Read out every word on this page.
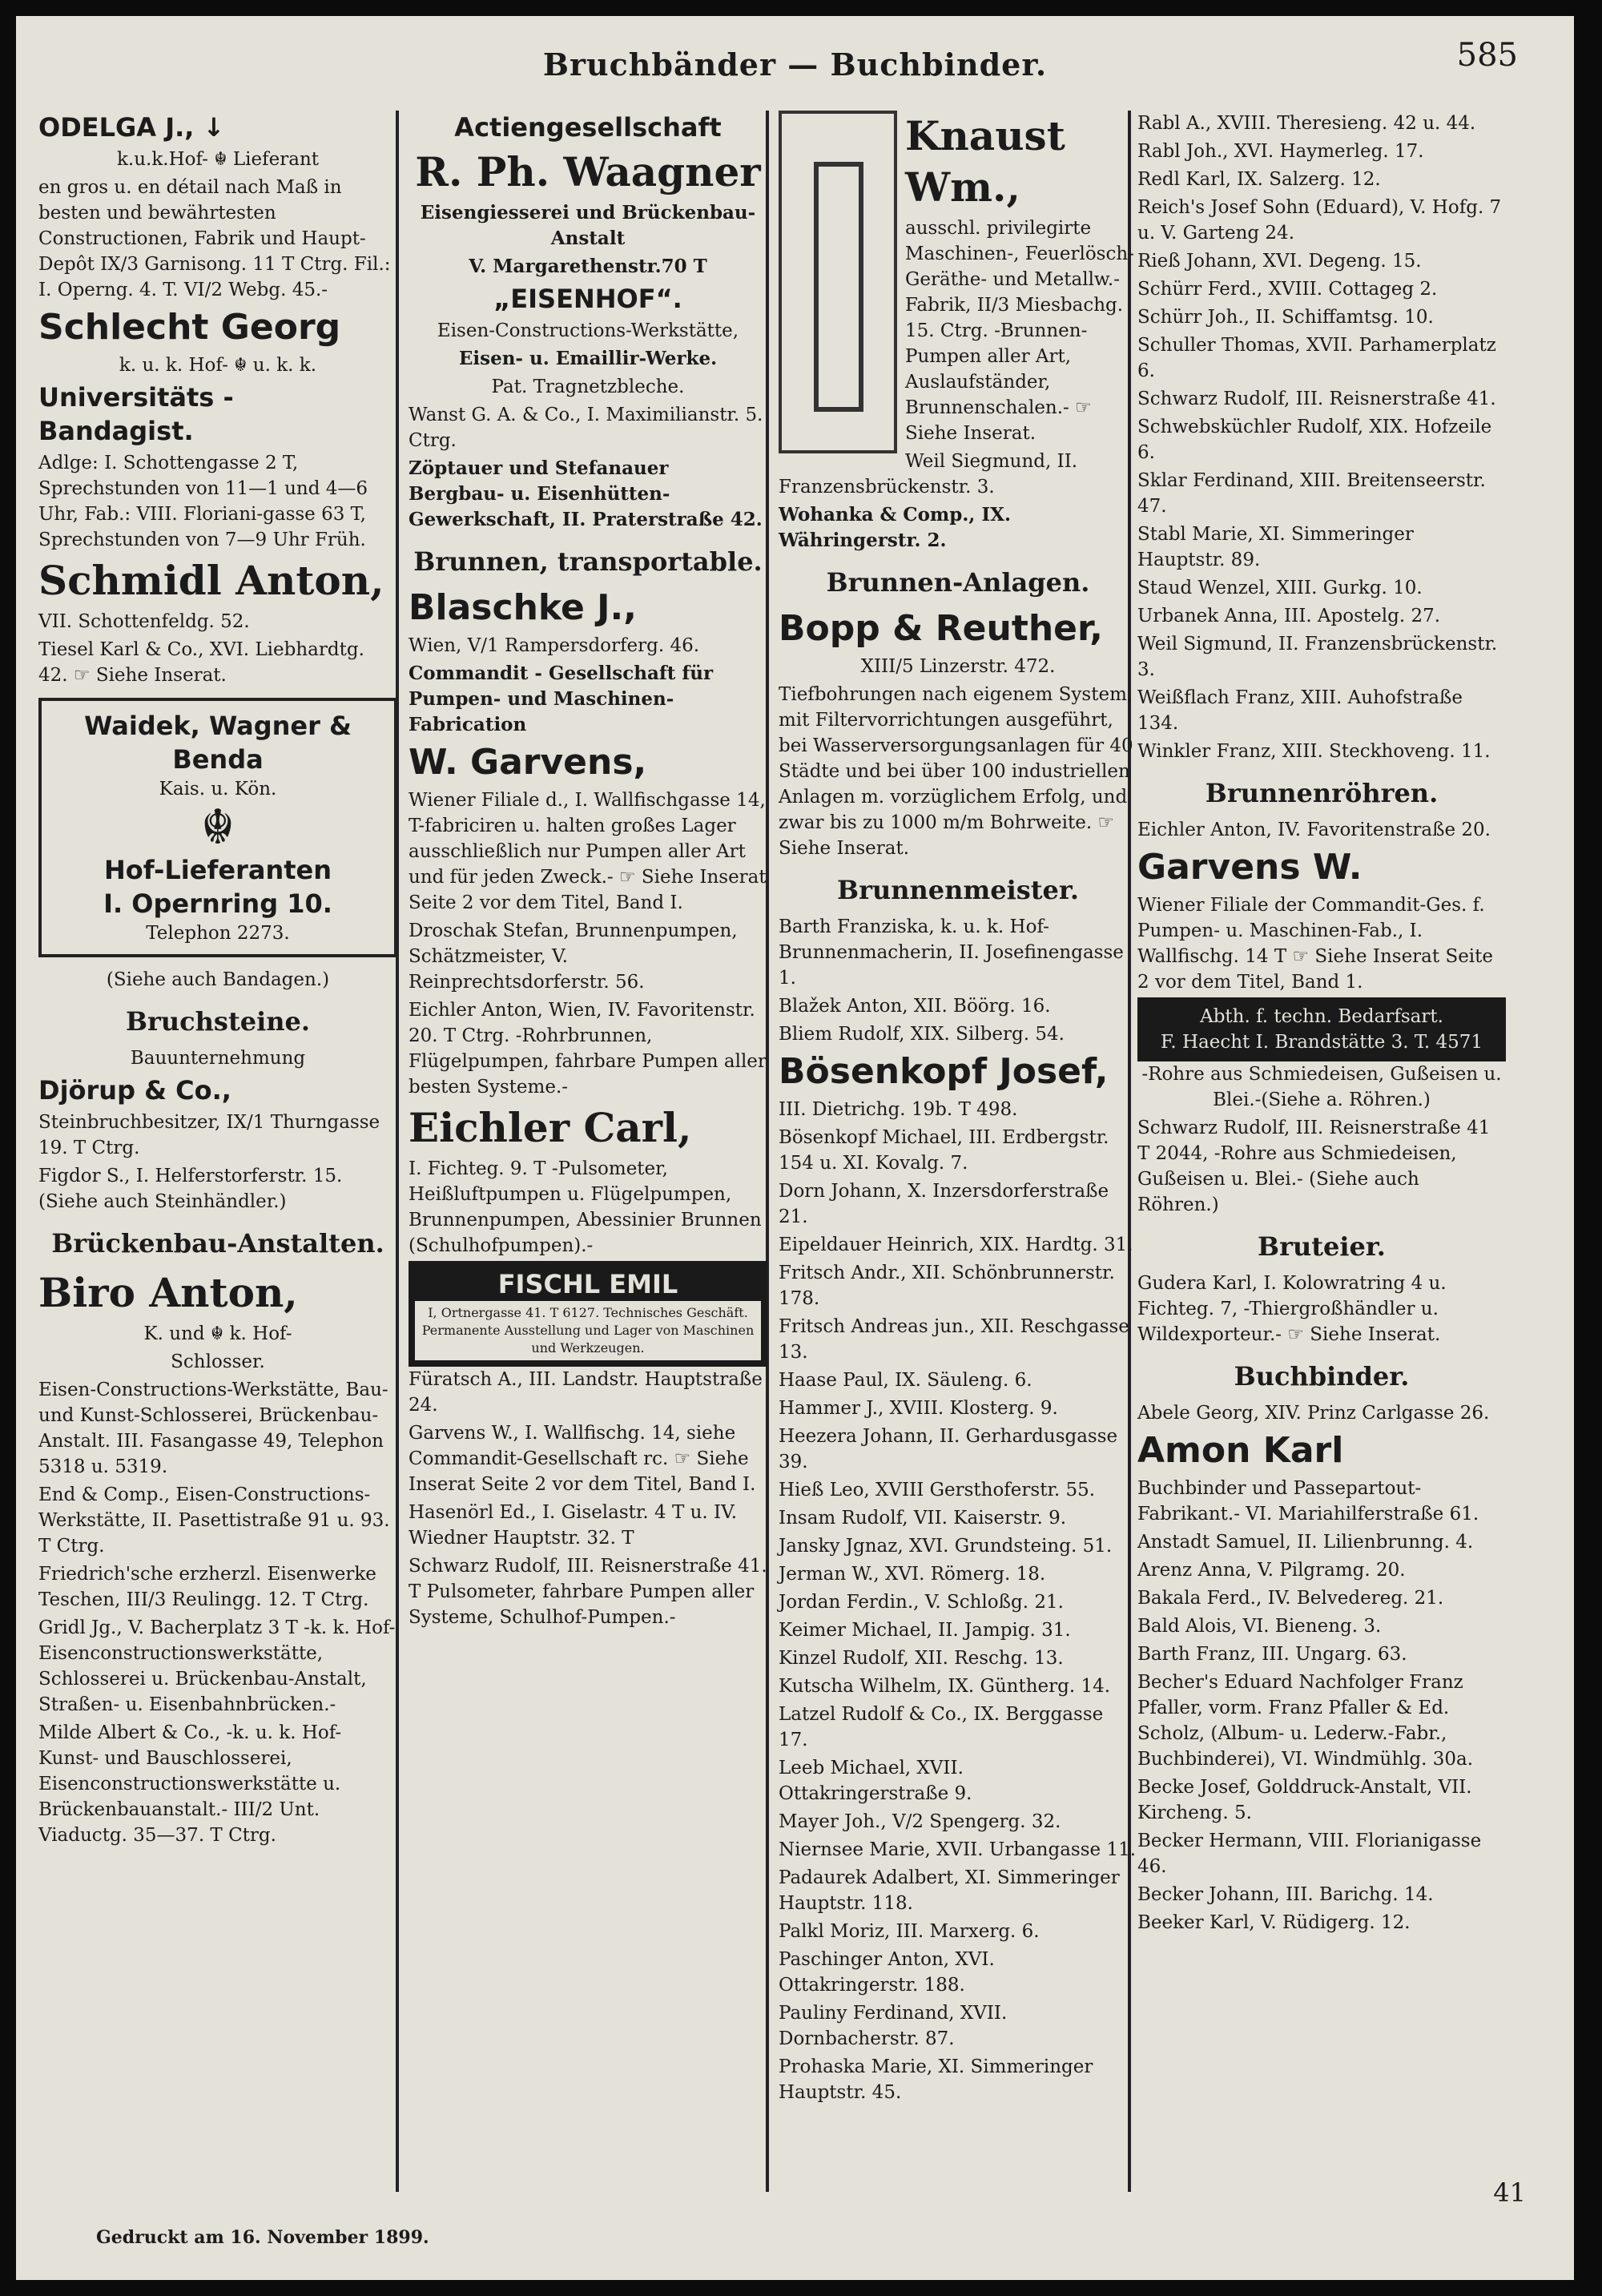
Bruchbänder — Buchbinder.	585
ODELGA J., ↓
k.u.k.Hof- ☬ Lieferant
en gros u. en détail nach Maß in besten und bewährtesten Constructionen, Fabrik und Haupt-Depôt IX/3 Garnisong. 11 T Ctrg. Fil.: I. Operng. 4. T. VI/2 Webg. 45.-
Schlecht Georg
k. u. k. Hof- ☬ u. k. k.
Universitäts - Bandagist.
Adlge: I. Schottengasse 2 T, Sprechstunden von 11—1 und 4—6 Uhr, Fab.: VIII. Floriani-gasse 63 T, Sprechstunden von 7—9 Uhr Früh.
Schmidl Anton,
VII. Schottenfeldg. 52.
Tiesel Karl & Co., XVI. Liebhardtg. 42. ☞ Siehe Inserat.
Waidek, Wagner & Benda
Kais. u. Kön.
☬
Hof-Lieferanten
I. Opernring 10.
Telephon 2273.
(Siehe auch Bandagen.)
Bruchsteine.
Bauunternehmung
Djörup & Co.,
Steinbruchbesitzer, IX/1 Thurngasse 19. T Ctrg.
Figdor S., I. Helferstorferstr. 15. (Siehe auch Steinhändler.)
Brückenbau-Anstalten.
Biro Anton,
K. und ☬ k. Hof-
Schlosser.
Eisen-Constructions-Werkstätte, Bau- und Kunst-Schlosserei, Brückenbau-Anstalt. III. Fasangasse 49, Telephon 5318 u. 5319.
End & Comp., Eisen-Constructions-Werkstätte, II. Pasettistraße 91 u. 93. T Ctrg.
Friedrich'sche erzherzl. Eisenwerke Teschen, III/3 Reulingg. 12. T Ctrg.
Gridl Jg., V. Bacherplatz 3 T -k. k. Hof-Eisenconstructionswerkstätte, Schlosserei u. Brückenbau-Anstalt, Straßen- u. Eisenbahnbrücken.-
Milde Albert & Co., -k. u. k. Hof-Kunst- und Bauschlosserei, Eisenconstructionswerkstätte u. Brückenbauanstalt.- III/2 Unt. Viaductg. 35—37. T Ctrg.
Actiengesellschaft
R. Ph. Waagner
Eisengiesserei und Brückenbau-Anstalt
V. Margarethenstr.70 T
„EISENHOF“.
Eisen-Constructions-Werkstätte,
Eisen- u. Emaillir-Werke.
Pat. Tragnetzbleche.
Wanst G. A. & Co., I. Maximilianstr. 5. Ctrg.
Zöptauer und Stefanauer Bergbau- u. Eisenhütten-Gewerkschaft, II. Praterstraße 42.
Brunnen, transportable.
Blaschke J.,
Wien, V/1 Rampersdorferg. 46.
Commandit - Gesellschaft für Pumpen- und Maschinen-Fabrication
W. Garvens,
Wiener Filiale d., I. Wallfischgasse 14, T-fabriciren u. halten großes Lager ausschließlich nur Pumpen aller Art und für jeden Zweck.- ☞ Siehe Inserat Seite 2 vor dem Titel, Band I.
Droschak Stefan, Brunnenpumpen, Schätzmeister, V. Reinprechtsdorferstr. 56.
Eichler Anton, Wien, IV. Favoritenstr. 20. T Ctrg. -Rohrbrunnen, Flügelpumpen, fahrbare Pumpen aller besten Systeme.-
Eichler Carl,
I. Fichteg. 9. T -Pulsometer, Heißluftpumpen u. Flügelpumpen, Brunnenpumpen, Abessinier Brunnen (Schulhofpumpen).-
FISCHL EMIL
I, Ortnergasse 41. T 6127. Technisches Geschäft. Permanente Ausstellung und Lager von Maschinen und Werkzeugen.
Füratsch A., III. Landstr. Hauptstraße 24.
Garvens W., I. Wallfischg. 14, siehe Commandit-Gesellschaft rc. ☞ Siehe Inserat Seite 2 vor dem Titel, Band I.
Hasenörl Ed., I. Giselastr. 4 T u. IV. Wiedner Hauptstr. 32. T
Schwarz Rudolf, III. Reisnerstraße 41. T Pulsometer, fahrbare Pumpen aller Systeme, Schulhof-Pumpen.-
Knaust Wm.,
ausschl. privilegirte Maschinen-, Feuerlösch-Geräthe- und Metallw.-Fabrik, II/3 Miesbachg. 15. Ctrg. -Brunnen-Pumpen aller Art, Auslaufständer, Brunnenschalen.- ☞ Siehe Inserat.
Weil Siegmund, II. Franzensbrückenstr. 3.
Wohanka & Comp., IX. Währingerstr. 2.
Brunnen-Anlagen.
Bopp & Reuther,
XIII/5 Linzerstr. 472.
Tiefbohrungen nach eigenem System, mit Filtervorrichtungen ausgeführt, bei Wasserversorgungsanlagen für 40 Städte und bei über 100 industriellen Anlagen m. vorzüglichem Erfolg, und zwar bis zu 1000 m/m Bohrweite. ☞ Siehe Inserat.
Brunnenmeister.
Barth Franziska, k. u. k. Hof-Brunnenmacherin, II. Josefinengasse 1.
Blažek Anton, XII. Böörg. 16.
Bliem Rudolf, XIX. Silberg. 54.
Bösenkopf Josef,
III. Dietrichg. 19b. T 498.
Bösenkopf Michael, III. Erdbergstr. 154 u. XI. Kovalg. 7.
Dorn Johann, X. Inzersdorferstraße 21.
Eipeldauer Heinrich, XIX. Hardtg. 31.
Fritsch Andr., XII. Schönbrunnerstr. 178.
Fritsch Andreas jun., XII. Reschgasse 13.
Haase Paul, IX. Säuleng. 6.
Hammer J., XVIII. Klosterg. 9.
Heezera Johann, II. Gerhardusgasse 39.
Hieß Leo, XVIII Gersthoferstr. 55.
Insam Rudolf, VII. Kaiserstr. 9.
Jansky Jgnaz, XVI. Grundsteing. 51.
Jerman W., XVI. Römerg. 18.
Jordan Ferdin., V. Schloßg. 21.
Keimer Michael, II. Jampig. 31.
Kinzel Rudolf, XII. Reschg. 13.
Kutscha Wilhelm, IX. Güntherg. 14.
Latzel Rudolf & Co., IX. Berggasse 17.
Leeb Michael, XVII. Ottakringerstraße 9.
Mayer Joh., V/2 Spengerg. 32.
Niernsee Marie, XVII. Urbangasse 11.
Padaurek Adalbert, XI. Simmeringer Hauptstr. 118.
Palkl Moriz, III. Marxerg. 6.
Paschinger Anton, XVI. Ottakringerstr. 188.
Pauliny Ferdinand, XVII. Dornbacherstr. 87.
Prohaska Marie, XI. Simmeringer Hauptstr. 45.
Rabl A., XVIII. Theresieng. 42 u. 44.
Rabl Joh., XVI. Haymerleg. 17.
Redl Karl, IX. Salzerg. 12.
Reich's Josef Sohn (Eduard), V. Hofg. 7 u. V. Garteng 24.
Rieß Johann, XVI. Degeng. 15.
Schürr Ferd., XVIII. Cottageg 2.
Schürr Joh., II. Schiffamtsg. 10.
Schuller Thomas, XVII. Parhamerplatz 6.
Schwarz Rudolf, III. Reisnerstraße 41.
Schwebsküchler Rudolf, XIX. Hofzeile 6.
Sklar Ferdinand, XIII. Breitenseerstr. 47.
Stabl Marie, XI. Simmeringer Hauptstr. 89.
Staud Wenzel, XIII. Gurkg. 10.
Urbanek Anna, III. Apostelg. 27.
Weil Sigmund, II. Franzensbrückenstr. 3.
Weißflach Franz, XIII. Auhofstraße 134.
Winkler Franz, XIII. Steckhoveng. 11.
Brunnenröhren.
Eichler Anton, IV. Favoritenstraße 20.
Garvens W.
Wiener Filiale der Commandit-Ges. f. Pumpen- u. Maschinen-Fab., I. Wallfischg. 14 T ☞ Siehe Inserat Seite 2 vor dem Titel, Band 1.
Abth. f. techn. Bedarfsart.
F. Haecht I. Brandstätte 3. T. 4571
-Rohre aus Schmiedeisen, Gußeisen u. Blei.-(Siehe a. Röhren.)
Schwarz Rudolf, III. Reisnerstraße 41 T 2044, -Rohre aus Schmiedeisen, Gußeisen u. Blei.- (Siehe auch Röhren.)
Bruteier.
Gudera Karl, I. Kolowratring 4 u. Fichteg. 7, -Thiergroßhändler u. Wildexporteur.- ☞ Siehe Inserat.
Buchbinder.
Abele Georg, XIV. Prinz Carlgasse 26.
Amon Karl
Buchbinder und Passepartout-Fabrikant.- VI. Mariahilferstraße 61.
Anstadt Samuel, II. Lilienbrunng. 4.
Arenz Anna, V. Pilgramg. 20.
Bakala Ferd., IV. Belvedereg. 21.
Bald Alois, VI. Bieneng. 3.
Barth Franz, III. Ungarg. 63.
Becher's Eduard Nachfolger Franz Pfaller, vorm. Franz Pfaller & Ed. Scholz, (Album- u. Lederw.-Fabr., Buchbinderei), VI. Windmühlg. 30a.
Becke Josef, Golddruck-Anstalt, VII. Kircheng. 5.
Becker Hermann, VIII. Florianigasse 46.
Becker Johann, III. Barichg. 14.
Beeker Karl, V. Rüdigerg. 12.
Gedruckt am 16. November 1899.
41
